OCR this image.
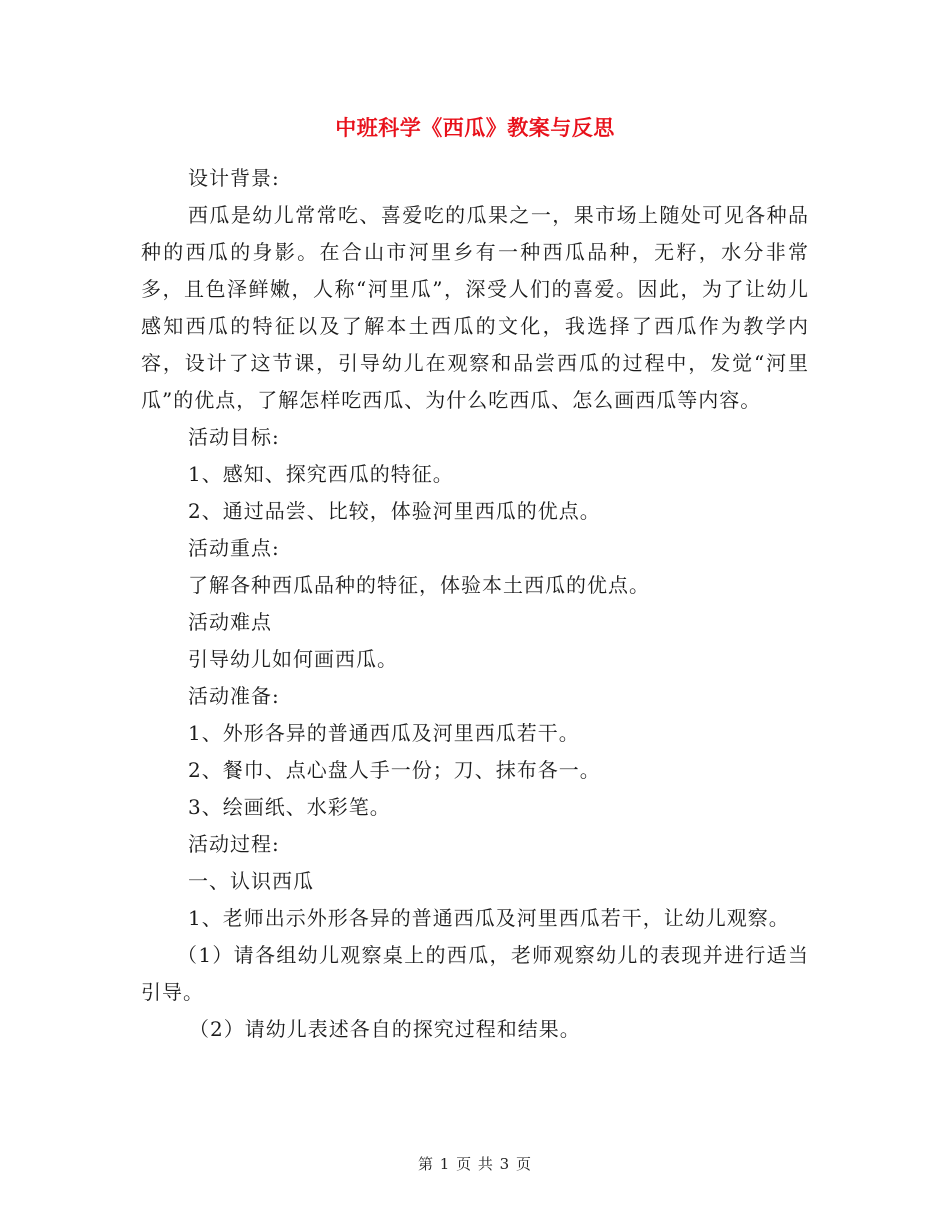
中班科学《西瓜》教案与反思

设计背景:

西瓜是幼儿常常吃、喜爱吃的瓜果之一，果市场上随处可见各种品种的西瓜的身影。在合山市河里乡有一种西瓜品种，无籽，水分非常多，且色泽鲜嫩，人称“河里瓜”，深受人们的喜爱。因此，为了让幼儿感知西瓜的特征以及了解本土西瓜的文化，我选择了西瓜作为教学内容，设计了这节课，引导幼儿在观察和品尝西瓜的过程中，发觉“河里瓜”的优点，了解怎样吃西瓜、为什么吃西瓜、怎么画西瓜等内容。

活动目标:

1、感知、探究西瓜的特征。

2、通过品尝、比较，体验河里西瓜的优点。

活动重点:

了解各种西瓜品种的特征，体验本土西瓜的优点。

活动难点

引导幼儿如何画西瓜。

活动准备:

1、外形各异的普通西瓜及河里西瓜若干。

2、餐巾、点心盘人手一份；刀、抹布各一。

3、绘画纸、水彩笔。

活动过程:

一、认识西瓜

1、老师出示外形各异的普通西瓜及河里西瓜若干，让幼儿观察。

（1）请各组幼儿观察桌上的西瓜，老师观察幼儿的表现并进行适当引导。

（2）请幼儿表述各自的探究过程和结果。

第 1 页 共 3 页
